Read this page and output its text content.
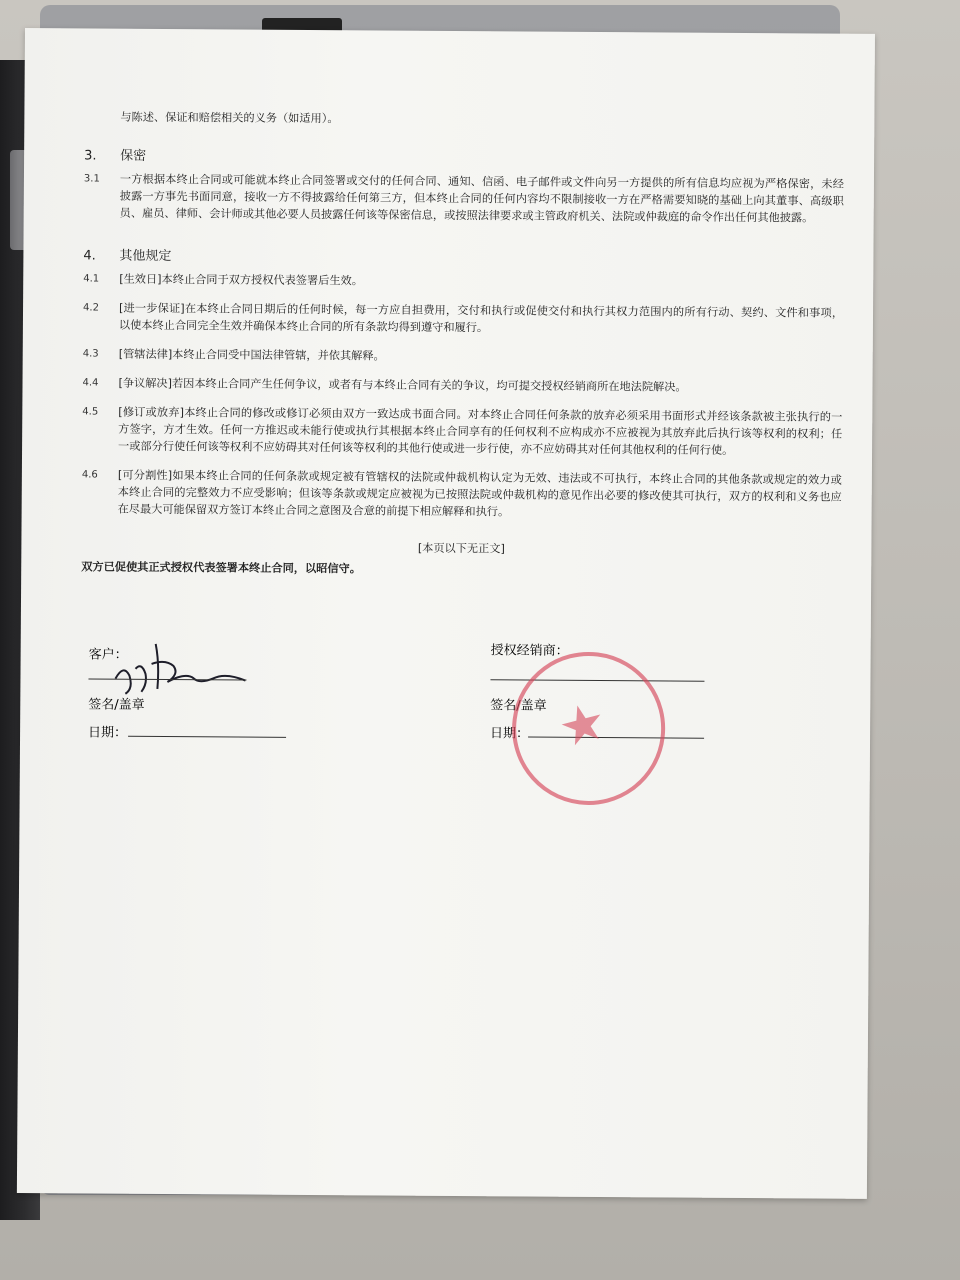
与陈述、保证和赔偿相关的义务（如适用）。
3.	保密
3.1	一方根据本终止合同或可能就本终止合同签署或交付的任何合同、通知、信函、电子邮件或文件向另一方提供的所有信息均应视为严格保密，未经披露一方事先书面同意，接收一方不得披露给任何第三方，但本终止合同的任何内容均不限制接收一方在严格需要知晓的基础上向其董事、高级职员、雇员、律师、会计师或其他必要人员披露任何该等保密信息，或按照法律要求或主管政府机关、法院或仲裁庭的命令作出任何其他披露。
4.	其他规定
4.1	[生效日]本终止合同于双方授权代表签署后生效。
4.2	[进一步保证]在本终止合同日期后的任何时候，每一方应自担费用，交付和执行或促使交付和执行其权力范围内的所有行动、契约、文件和事项，以使本终止合同完全生效并确保本终止合同的所有条款均得到遵守和履行。
4.3	[管辖法律]本终止合同受中国法律管辖，并依其解释。
4.4	[争议解决]若因本终止合同产生任何争议，或者有与本终止合同有关的争议，均可提交授权经销商所在地法院解决。
4.5	[修订或放弃]本终止合同的修改或修订必须由双方一致达成书面合同。对本终止合同任何条款的放弃必须采用书面形式并经该条款被主张执行的一方签字，方才生效。任何一方推迟或未能行使或执行其根据本终止合同享有的任何权利不应构成亦不应被视为其放弃此后执行该等权利的权利；任一或部分行使任何该等权利不应妨碍其对任何该等权利的其他行使或进一步行使，亦不应妨碍其对任何其他权利的任何行使。
4.6	[可分割性]如果本终止合同的任何条款或规定被有管辖权的法院或仲裁机构认定为无效、违法或不可执行，本终止合同的其他条款或规定的效力或本终止合同的完整效力不应受影响；但该等条款或规定应被视为已按照法院或仲裁机构的意见作出必要的修改使其可执行，双方的权利和义务也应在尽最大可能保留双方签订本终止合同之意图及合意的前提下相应解释和执行。
[本页以下无正文]
双方已促使其正式授权代表签署本终止合同，以昭信守。
客户：
签名/盖章
日期：
授权经销商：
签名/盖章
日期： ★
